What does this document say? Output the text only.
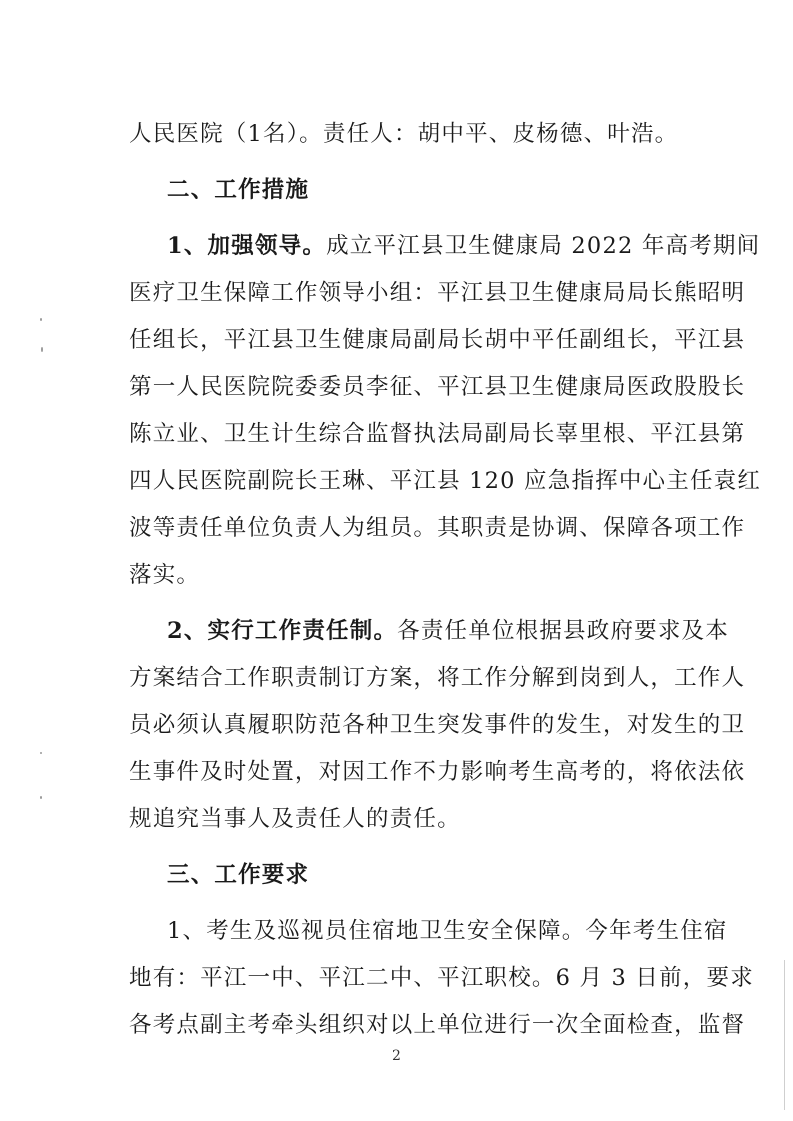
人民医院（1名）。责任人：胡中平、皮杨德、叶浩。
二、工作措施
1、加强领导。成立平江县卫生健康局 2022 年高考期间
医疗卫生保障工作领导小组：平江县卫生健康局局长熊昭明
任组长，平江县卫生健康局副局长胡中平任副组长，平江县
第一人民医院院委委员李征、平江县卫生健康局医政股股长
陈立业、卫生计生综合监督执法局副局长辜里根、平江县第
四人民医院副院长王琳、平江县 120 应急指挥中心主任袁红
波等责任单位负责人为组员。其职责是协调、保障各项工作
落实。
2、实行工作责任制。各责任单位根据县政府要求及本
方案结合工作职责制订方案，将工作分解到岗到人，工作人
员必须认真履职防范各种卫生突发事件的发生，对发生的卫
生事件及时处置，对因工作不力影响考生高考的，将依法依
规追究当事人及责任人的责任。
三、工作要求
1、考生及巡视员住宿地卫生安全保障。今年考生住宿
地有：平江一中、平江二中、平江职校。6 月 3 日前，要求
各考点副主考牵头组织对以上单位进行一次全面检查，监督
2
